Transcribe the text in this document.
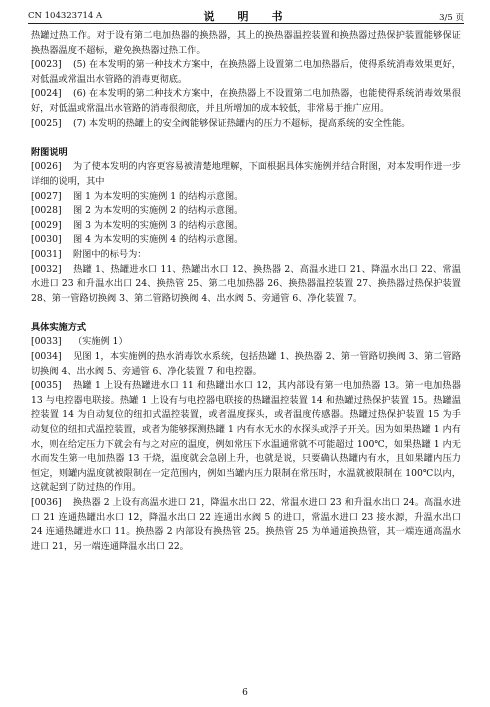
CN 104323714 A	说　明　书	3/5 页

热罐过热工作。对于设有第二电加热器的换热器，其上的换热器温控装置和换热器过热保护装置能够保证换热器温度不超标，避免换热器过热工作。

[0023] (5) 在本发明的第一种技术方案中，在换热器上设置第二电加热器后，使得系统消毒效果更好，对低温或常温出水管路的消毒更彻底。

[0024] (6) 在本发明的第二种技术方案中，在换热器上不设置第二电加热器，也能使得系统消毒效果很好，对低温或常温出水管路的消毒很彻底，并且所增加的成本较低，非常易于推广应用。

[0025] (7) 本发明的热罐上的安全阀能够保证热罐内的压力不超标，提高系统的安全性能。

附图说明

[0026] 为了使本发明的内容更容易被清楚地理解，下面根据具体实施例并结合附图，对本发明作进一步详细的说明，其中

[0027] 图 1 为本发明的实施例 1 的结构示意图。

[0028] 图 2 为本发明的实施例 2 的结构示意图。

[0029] 图 3 为本发明的实施例 3 的结构示意图。

[0030] 图 4 为本发明的实施例 4 的结构示意图。

[0031] 附图中的标号为：

[0032] 热罐 1、热罐进水口 11、热罐出水口 12、换热器 2、高温水进口 21、降温水出口 22、常温水进口 23 和升温水出口 24、换热管 25、第二电加热器 26、换热器温控装置 27、换热器过热保护装置 28、第一管路切换阀 3、第二管路切换阀 4、出水阀 5、旁通管 6、净化装置 7。

具体实施方式

[0033] （实施例 1）

[0034] 见图 1，本实施例的热水消毒饮水系统，包括热罐 1、换热器 2、第一管路切换阀 3、第二管路切换阀 4、出水阀 5、旁通管 6、净化装置 7 和电控器。

[0035] 热罐 1 上设有热罐进水口 11 和热罐出水口 12，其内部设有第一电加热器 13。第一电加热器 13 与电控器电联接。热罐 1 上设有与电控器电联接的热罐温控装置 14 和热罐过热保护装置 15。热罐温控装置 14 为自动复位的纽扣式温控装置，或者温度探头，或者温度传感器。热罐过热保护装置 15 为手动复位的纽扣式温控装置，或者为能够探测热罐 1 内有水无水的水探头或浮子开关。因为如果热罐 1 内有水，则在给定压力下就会有与之对应的温度，例如常压下水温通常就不可能超过 100℃，如果热罐 1 内无水而发生第一电加热器 13 干烧，温度就会急剧上升，也就是说，只要确认热罐内有水，且如果罐内压力恒定，则罐内温度就被限制在一定范围内，例如当罐内压力限制在常压时，水温就被限制在 100℃以内，这就起到了防过热的作用。

[0036] 换热器 2 上设有高温水进口 21，降温水出口 22、常温水进口 23 和升温水出口 24。高温水进口 21 连通热罐出水口 12，降温水出口 22 连通出水阀 5 的进口，常温水进口 23 接水源，升温水出口 24 连通热罐进水口 11。换热器 2 内部设有换热管 25。换热管 25 为单通道换热管，其一端连通高温水进口 21，另一端连通降温水出口 22。

6
